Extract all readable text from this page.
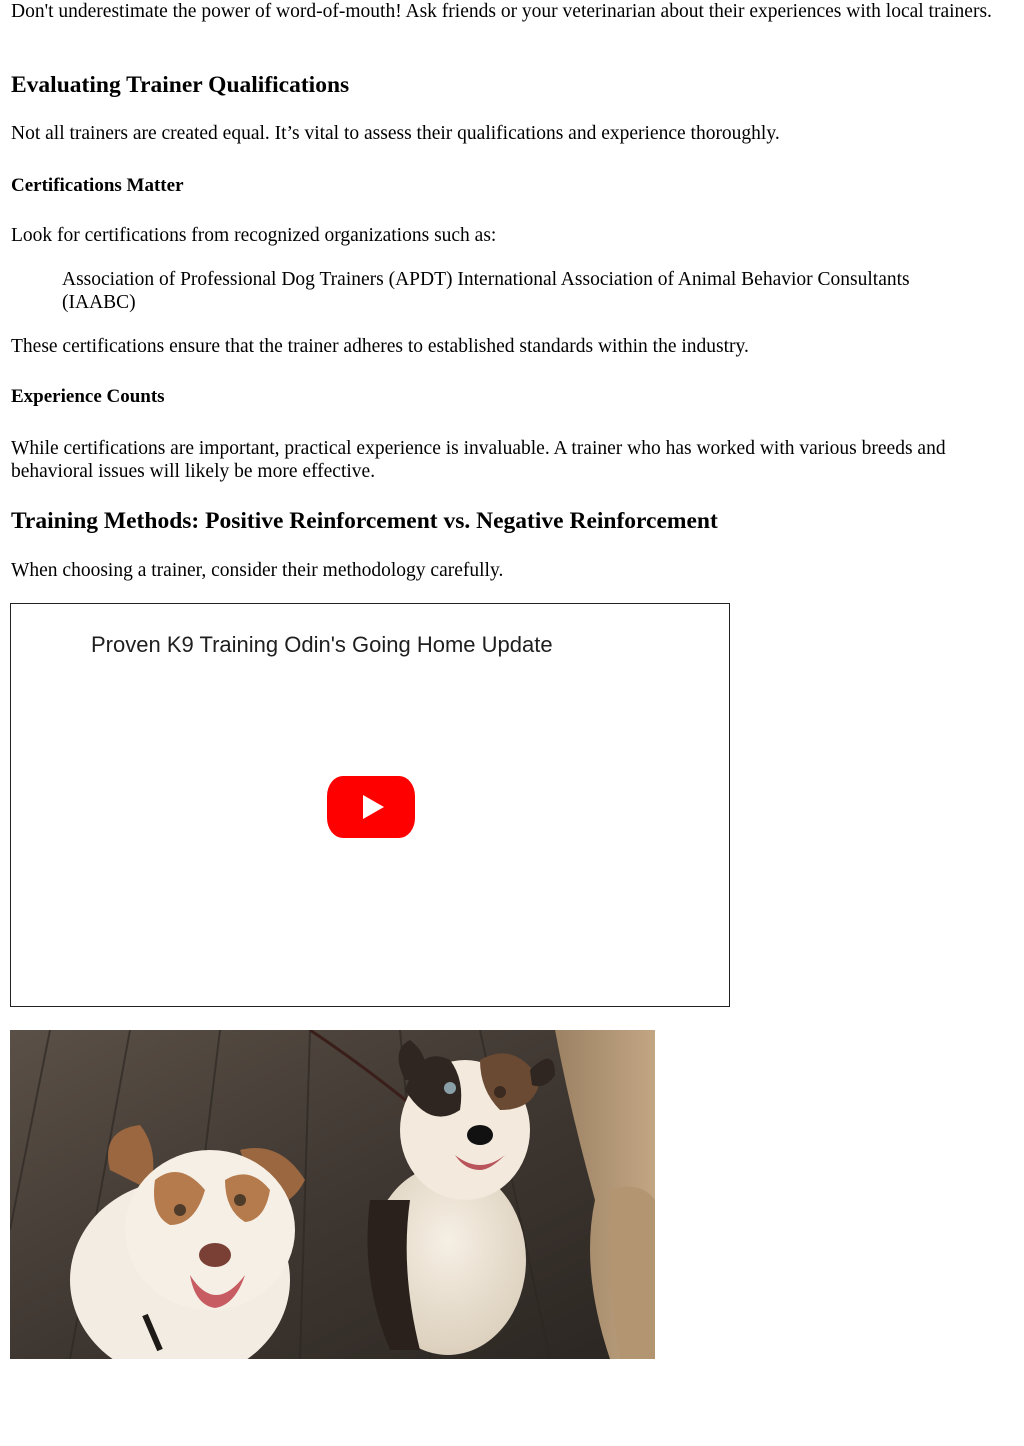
Don't underestimate the power of word-of-mouth! Ask friends or your veterinarian about their experiences with local trainers.

Evaluating Trainer Qualifications

Not all trainers are created equal. It’s vital to assess their qualifications and experience thoroughly.

Certifications Matter

Look for certifications from recognized organizations such as:

Association of Professional Dog Trainers (APDT) International Association of Animal Behavior Consultants (IAABC)

These certifications ensure that the trainer adheres to established standards within the industry.

Experience Counts

While certifications are important, practical experience is invaluable. A trainer who has worked with various breeds and behavioral issues will likely be more effective.

Training Methods: Positive Reinforcement vs. Negative Reinforcement

When choosing a trainer, consider their methodology carefully.

Proven K9 Training Odin's Going Home Update
